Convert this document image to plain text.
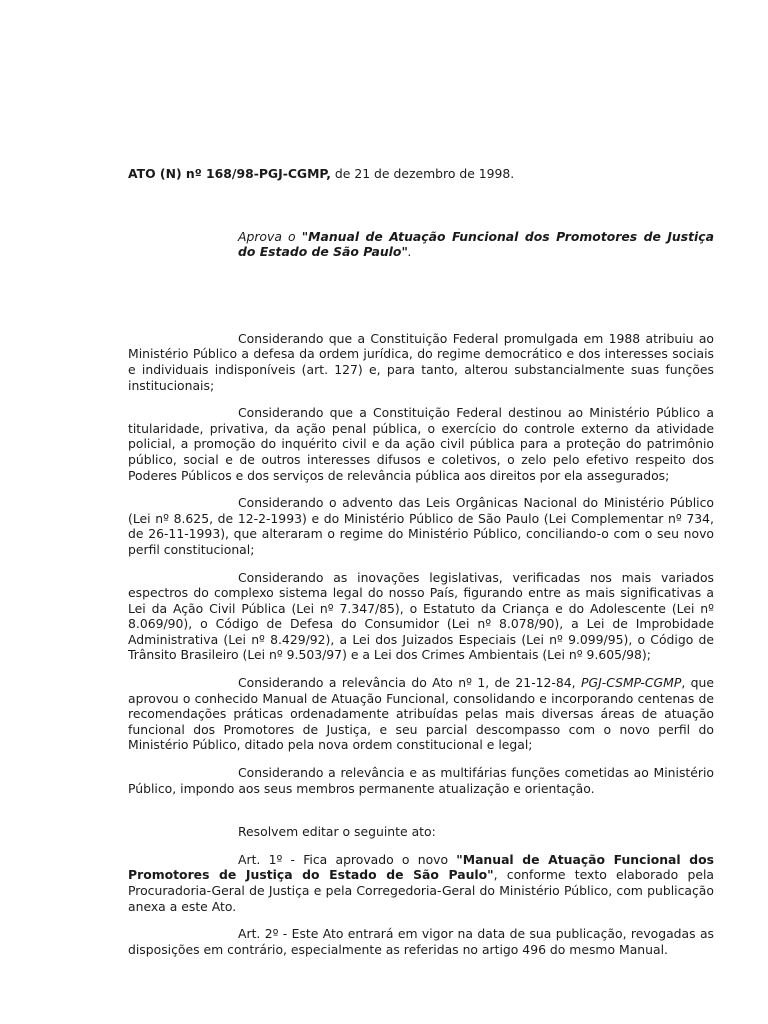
ATO (N) nº 168/98-PGJ-CGMP, de 21 de dezembro de 1998.

Aprova o "Manual de Atuação Funcional dos Promotores de Justiça do Estado de São Paulo".

Considerando que a Constituição Federal promulgada em 1988 atribuiu ao Ministério Público a defesa da ordem jurídica, do regime democrático e dos interesses sociais e individuais indisponíveis (art. 127) e, para tanto, alterou substancialmente suas funções institucionais;

Considerando que a Constituição Federal destinou ao Ministério Público a titularidade, privativa, da ação penal pública, o exercício do controle externo da atividade policial, a promoção do inquérito civil e da ação civil pública para a proteção do patrimônio público, social e de outros interesses difusos e coletivos, o zelo pelo efetivo respeito dos Poderes Públicos e dos serviços de relevância pública aos direitos por ela assegurados;

Considerando o advento das Leis Orgânicas Nacional do Ministério Público (Lei nº 8.625, de 12-2-1993) e do Ministério Público de São Paulo (Lei Complementar nº 734, de 26-11-1993), que alteraram o regime do Ministério Público, conciliando-o com o seu novo perfil constitucional;

Considerando as inovações legislativas, verificadas nos mais variados espectros do complexo sistema legal do nosso País, figurando entre as mais significativas a Lei da Ação Civil Pública (Lei nº 7.347/85), o Estatuto da Criança e do Adolescente (Lei nº 8.069/90), o Código de Defesa do Consumidor (Lei nº 8.078/90), a Lei de Improbidade Administrativa (Lei nº 8.429/92), a Lei dos Juizados Especiais (Lei nº 9.099/95), o Código de Trânsito Brasileiro (Lei nº 9.503/97) e a Lei dos Crimes Ambientais (Lei nº 9.605/98);

Considerando a relevância do Ato nº 1, de 21-12-84, PGJ-CSMP-CGMP, que aprovou o conhecido Manual de Atuação Funcional, consolidando e incorporando centenas de recomendações práticas ordenadamente atribuídas pelas mais diversas áreas de atuação funcional dos Promotores de Justiça, e seu parcial descompasso com o novo perfil do Ministério Público, ditado pela nova ordem constitucional e legal;

Considerando a relevância e as multifárias funções cometidas ao Ministério Público, impondo aos seus membros permanente atualização e orientação.

Resolvem editar o seguinte ato:

Art. 1º - Fica aprovado o novo "Manual de Atuação Funcional dos Promotores de Justiça do Estado de São Paulo", conforme texto elaborado pela Procuradoria-Geral de Justiça e pela Corregedoria-Geral do Ministério Público, com publicação anexa a este Ato.

Art. 2º - Este Ato entrará em vigor na data de sua publicação, revogadas as disposições em contrário, especialmente as referidas no artigo 496 do mesmo Manual.
